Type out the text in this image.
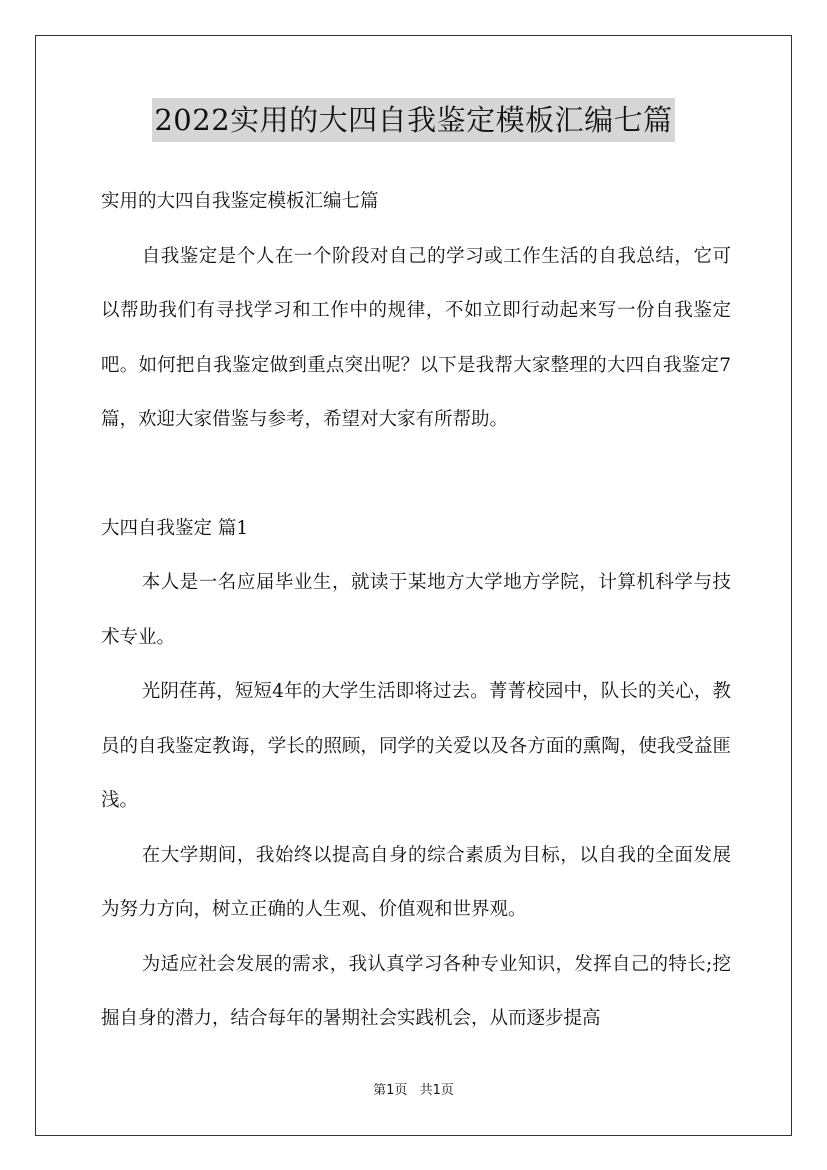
2022实用的大四自我鉴定模板汇编七篇

实用的大四自我鉴定模板汇编七篇

自我鉴定是个人在一个阶段对自己的学习或工作生活的自我总结，它可以帮助我们有寻找学习和工作中的规律，不如立即行动起来写一份自我鉴定吧。如何把自我鉴定做到重点突出呢？以下是我帮大家整理的大四自我鉴定7篇，欢迎大家借鉴与参考，希望对大家有所帮助。

大四自我鉴定 篇1

本人是一名应届毕业生，就读于某地方大学地方学院，计算机科学与技术专业。

光阴荏苒，短短4年的大学生活即将过去。菁菁校园中，队长的关心，教员的自我鉴定教诲，学长的照顾，同学的关爱以及各方面的熏陶，使我受益匪浅。

在大学期间，我始终以提高自身的综合素质为目标，以自我的全面发展为努力方向，树立正确的人生观、价值观和世界观。

为适应社会发展的需求，我认真学习各种专业知识，发挥自己的特长;挖掘自身的潜力，结合每年的暑期社会实践机会，从而逐步提高

第1页 共1页
